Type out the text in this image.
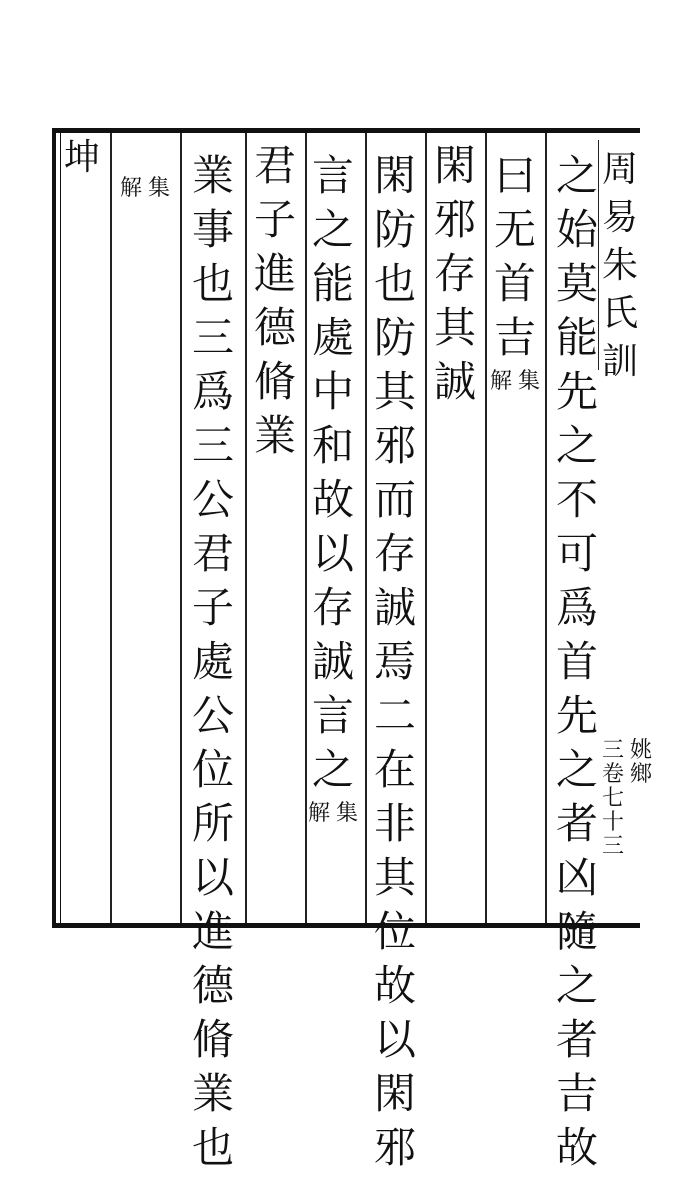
周
易
朱
氏
訓
之
始
莫
能
先
之
不
可
爲
首
先
之
者
凶
隨
之
者
吉
故
曰
无
首
吉
集
解
閑
邪
存
其
誠
閑
防
也
防
其
邪
而
存
誠
焉
二
在
非
其
位
故
以
閑
邪
言
之
能
處
中
和
故
以
存
誠
言
之
集
解
君
子
進
德
脩
業
業
事
也
三
爲
三
公
君
子
處
公
位
所
以
進
德
脩
業
也
集
解
坤
姚
鄉
三
卷
七
十
三
